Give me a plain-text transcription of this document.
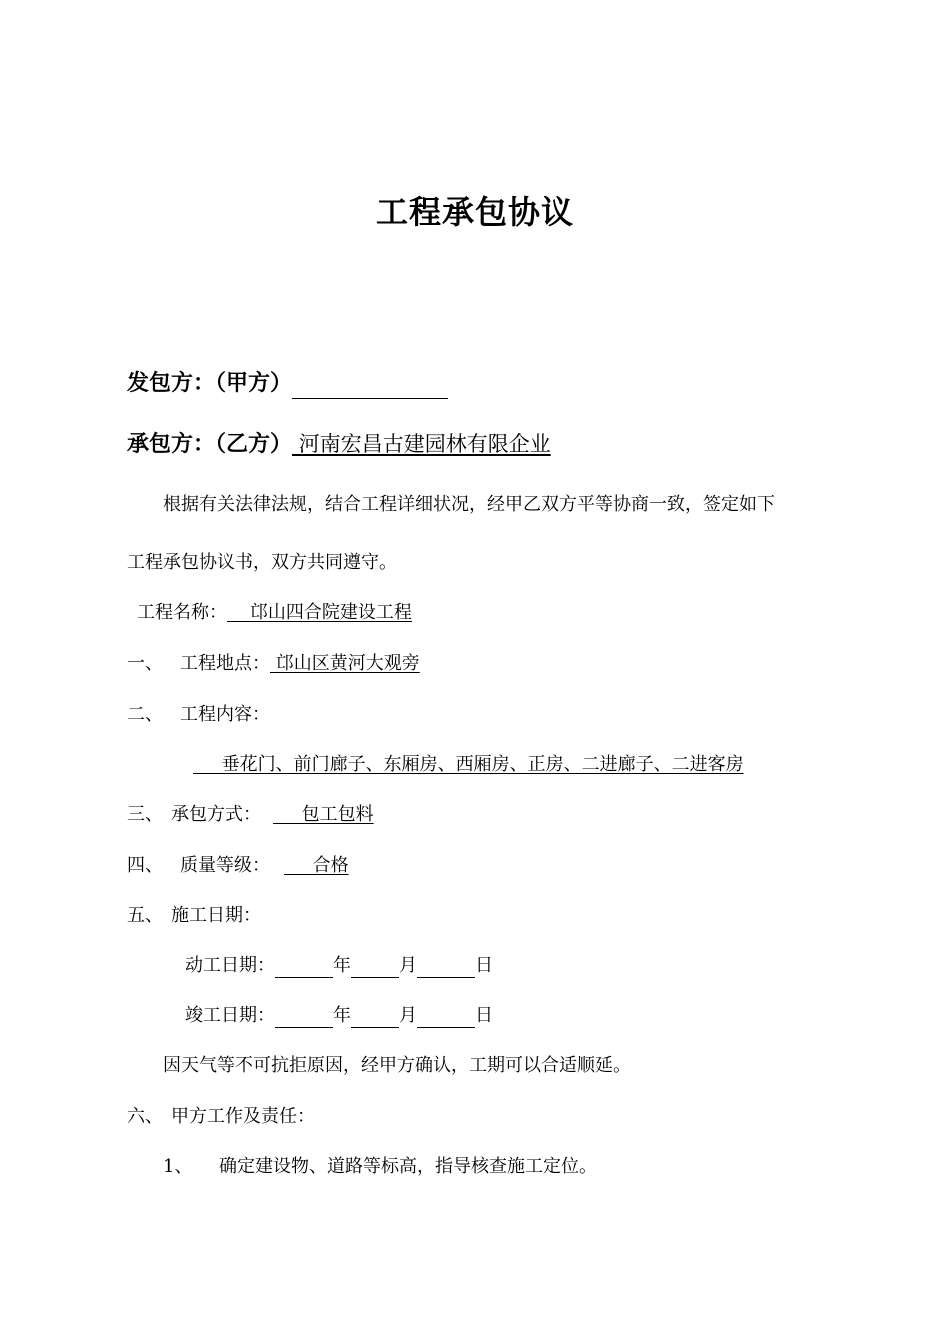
工程承包协议
发包方：（甲方）
承包方：（乙方） 河南宏昌古建园林有限企业
根据有关法律法规，结合工程详细状况，经甲乙双方平等协商一致，签定如下
工程承包协议书，双方共同遵守。
工程名称：    邙山四合院建设工程
一、 工程地点： 邙山区黄河大观旁
二、 工程内容：
垂花门、前门廊子、东厢房、西厢房、正房、二进廊子、二进客房
三、 承包方式：     包工包料
四、 质量等级：     合格
五、 施工日期：
动工日期：	年	月	日
竣工日期：	年	月	日
因天气等不可抗拒原因，经甲方确认，工期可以合适顺延。
六、 甲方工作及责任：
1、 确定建设物、道路等标高，指导核查施工定位。
